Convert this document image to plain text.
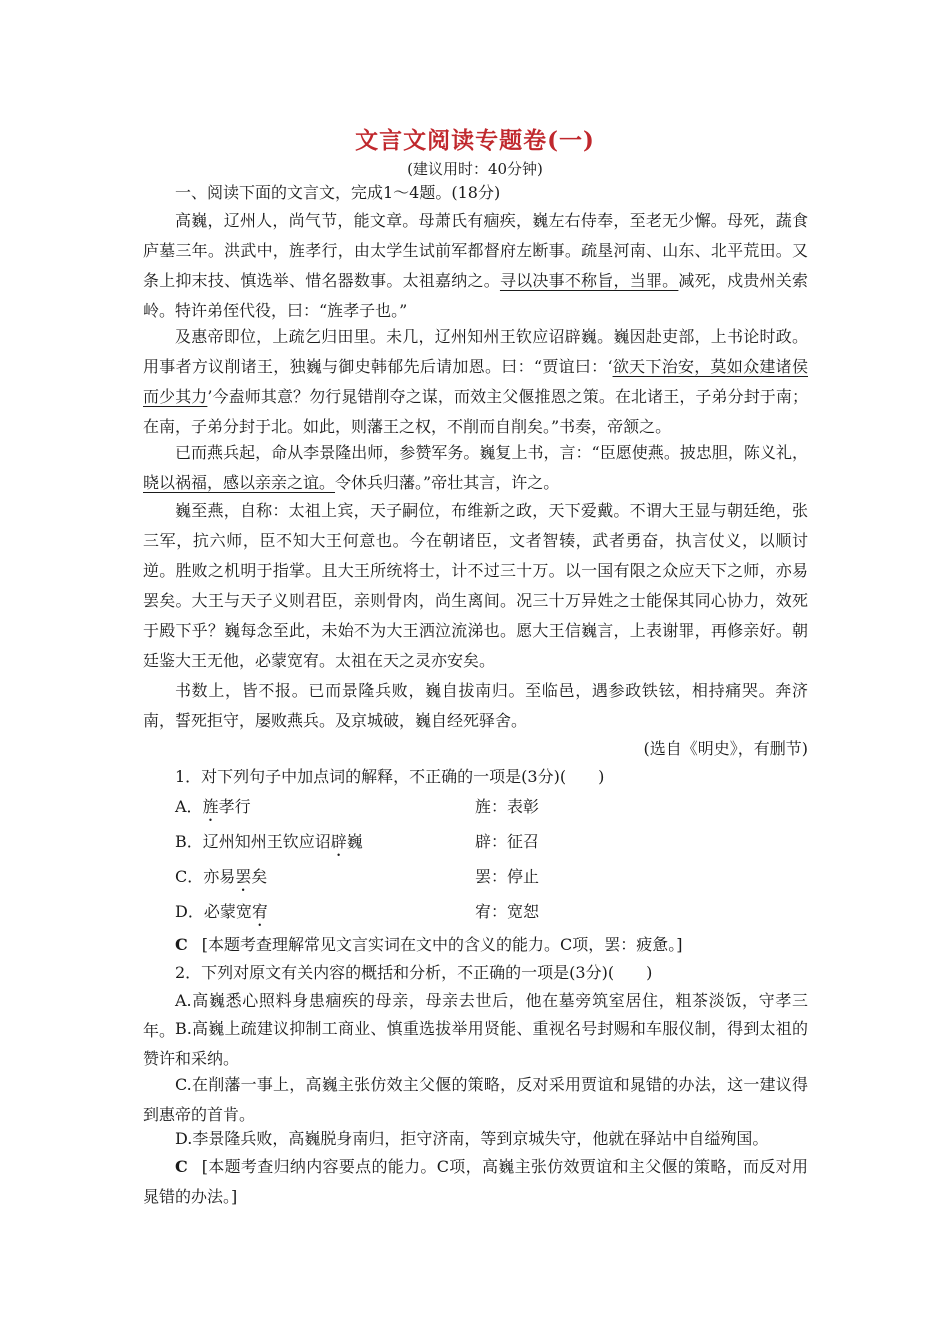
文言文阅读专题卷(一)
(建议用时：40分钟)

一、阅读下面的文言文，完成1～4题。(18分)

高巍，辽州人，尚气节，能文章。母萧氏有痼疾，巍左右侍奉，至老无少懈。母死，蔬食庐墓三年。洪武中，旌孝行，由太学生试前军都督府左断事。疏垦河南、山东、北平荒田。又条上抑末技、慎选举、惜名器数事。太祖嘉纳之。寻以决事不称旨，当罪。减死，戍贵州关索岭。特许弟侄代役，曰：“旌孝子也。”

及惠帝即位，上疏乞归田里。未几，辽州知州王钦应诏辟巍。巍因赴吏部，上书论时政。用事者方议削诸王，独巍与御史韩郁先后请加恩。曰：“贾谊曰：‘欲天下治安，莫如众建诸侯而少其力’今盍师其意？勿行晁错削夺之谋，而效主父偃推恩之策。在北诸王，子弟分封于南；在南，子弟分封于北。如此，则藩王之权，不削而自削矣。”书奏，帝颔之。

已而燕兵起，命从李景隆出师，参赞军务。巍复上书，言：“臣愿使燕。披忠胆，陈义礼，晓以祸福，感以亲亲之谊。令休兵归藩。”帝壮其言，许之。

巍至燕，自称：太祖上宾，天子嗣位，布维新之政，天下爱戴。不谓大王显与朝廷绝，张三军，抗六师，臣不知大王何意也。今在朝诸臣，文者智辏，武者勇奋，执言仗义，以顺讨逆。胜败之机明于指掌。且大王所统将士，计不过三十万。以一国有限之众应天下之师，亦易罢矣。大王与天子义则君臣，亲则骨肉，尚生离间。况三十万异姓之士能保其同心协力，效死于殿下乎？巍每念至此，未始不为大王洒泣流涕也。愿大王信巍言，上表谢罪，再修亲好。朝廷鉴大王无他，必蒙宽宥。太祖在天之灵亦安矣。

书数上，皆不报。已而景隆兵败，巍自拔南归。至临邑，遇参政铁铉，相持痛哭。奔济南，誓死拒守，屡败燕兵。及京城破，巍自经死驿舍。

(选自《明史》，有删节)

1．对下列句子中加点词的解释，不正确的一项是(3分)(　　)

A．旌孝行	旌：表彰
B．辽州知州王钦应诏辟巍	辟：征召
C．亦易罢矣	罢：停止
D．必蒙宽宥	宥：宽恕

C [本题考查理解常见文言实词在文中的含义的能力。C项，罢：疲惫。]

2．下列对原文有关内容的概括和分析，不正确的一项是(3分)(　　)

A.高巍悉心照料身患痼疾的母亲，母亲去世后，他在墓旁筑室居住，粗茶淡饭，守孝三年。 B.高巍上疏建议抑制工商业、慎重选拔举用贤能、重视名号封赐和车服仪制，得到太祖的赞许和采纳。

C.在削藩一事上，高巍主张仿效主父偃的策略，反对采用贾谊和晁错的办法，这一建议得到惠帝的首肯。

D.李景隆兵败，高巍脱身南归，拒守济南，等到京城失守，他就在驿站中自缢殉国。

C [本题考查归纳内容要点的能力。C项，高巍主张仿效贾谊和主父偃的策略，而反对用晁错的办法。]
